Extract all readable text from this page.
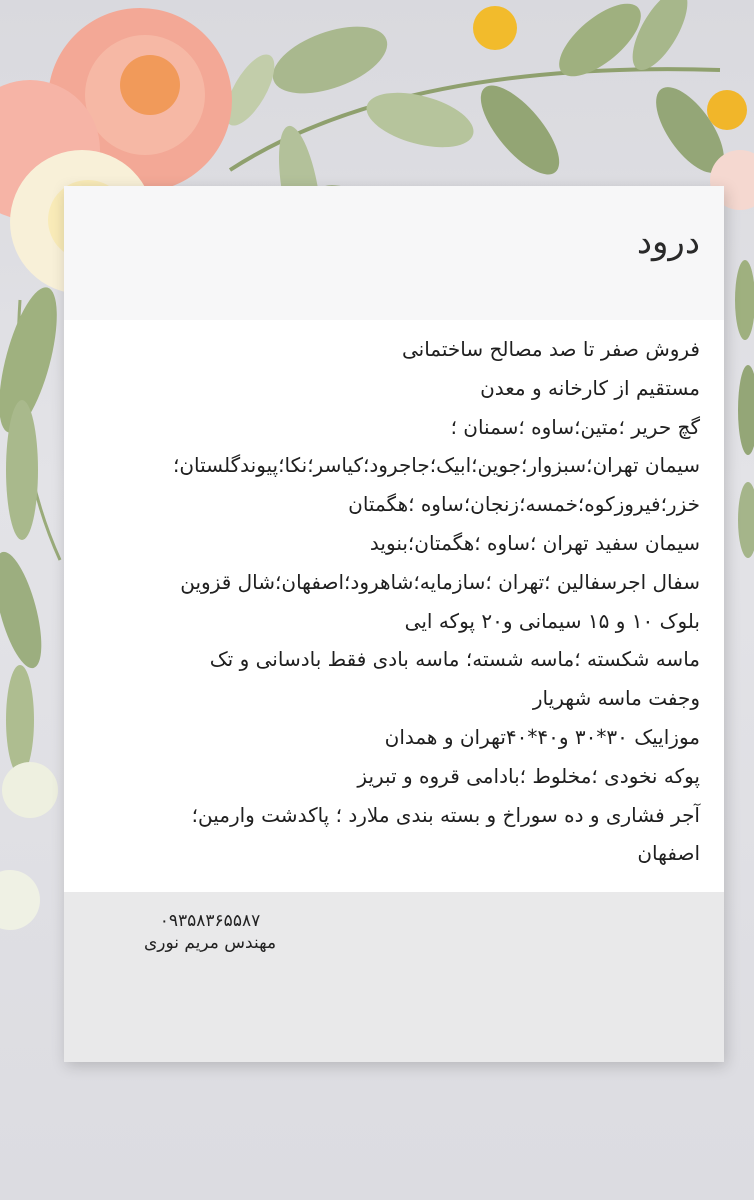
درود
فروش صفر تا صد مصالح ساختمانی
مستقیم از کارخانه و معدن
گچ حریر ؛متین؛ساوه ؛سمنان ؛
سیمان تهران؛سبزوار؛جوین؛ابیک؛جاجرود؛کیاسر؛نکا؛پیوندگلستان؛
خزر؛فیروزکوه؛خمسه؛زنجان؛ساوه ؛هگمتان
سیمان سفید تهران ؛ساوه ؛هگمتان؛بنوید
سفال اجرسفالین ؛تهران ؛سازمایه؛شاهرود؛اصفهان؛شال قزوین
بلوک ۱۰ و ۱۵ سیمانی و۲۰ پوکه ایی
ماسه شکسته ؛ماسه شسته؛ ماسه بادی فقط بادسانی و تک
وجفت ماسه شهریار
موزاییک ۳۰*۳۰ و۴۰*۴۰تهران و همدان
پوکه نخودی ؛مخلوط ؛بادامی قروه و تبریز
آجر فشاری و ده سوراخ و بسته بندی ملارد ؛ پاکدشت وارمین؛
اصفهان
۰۹۳۵۸۳۶۵۵۸۷
مهندس مریم نوری
